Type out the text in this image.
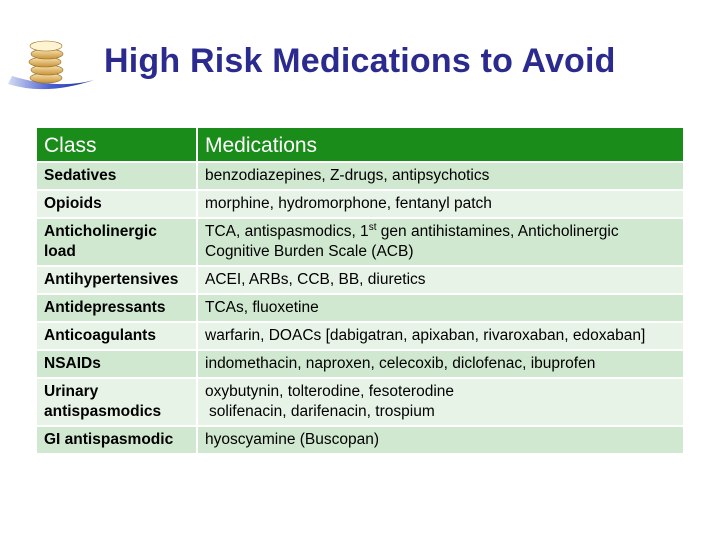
High Risk Medications to Avoid
Class	Medications
Sedatives	benzodiazepines, Z-drugs, antipsychotics
Opioids	morphine, hydromorphone, fentanyl patch
Anticholinergic load	TCA, antispasmodics, 1st gen antihistamines, Anticholinergic Cognitive Burden Scale (ACB)
Antihypertensives	ACEI, ARBs, CCB, BB, diuretics
Antidepressants	TCAs, fluoxetine
Anticoagulants	warfarin, DOACs [dabigatran, apixaban, rivaroxaban, edoxaban]
NSAIDs	indomethacin, naproxen, celecoxib, diclofenac, ibuprofen
Urinary antispasmodics	oxybutynin, tolterodine, fesoterodine
solifenacin, darifenacin, trospium

GI antispasmodic	hyoscyamine (Buscopan)
